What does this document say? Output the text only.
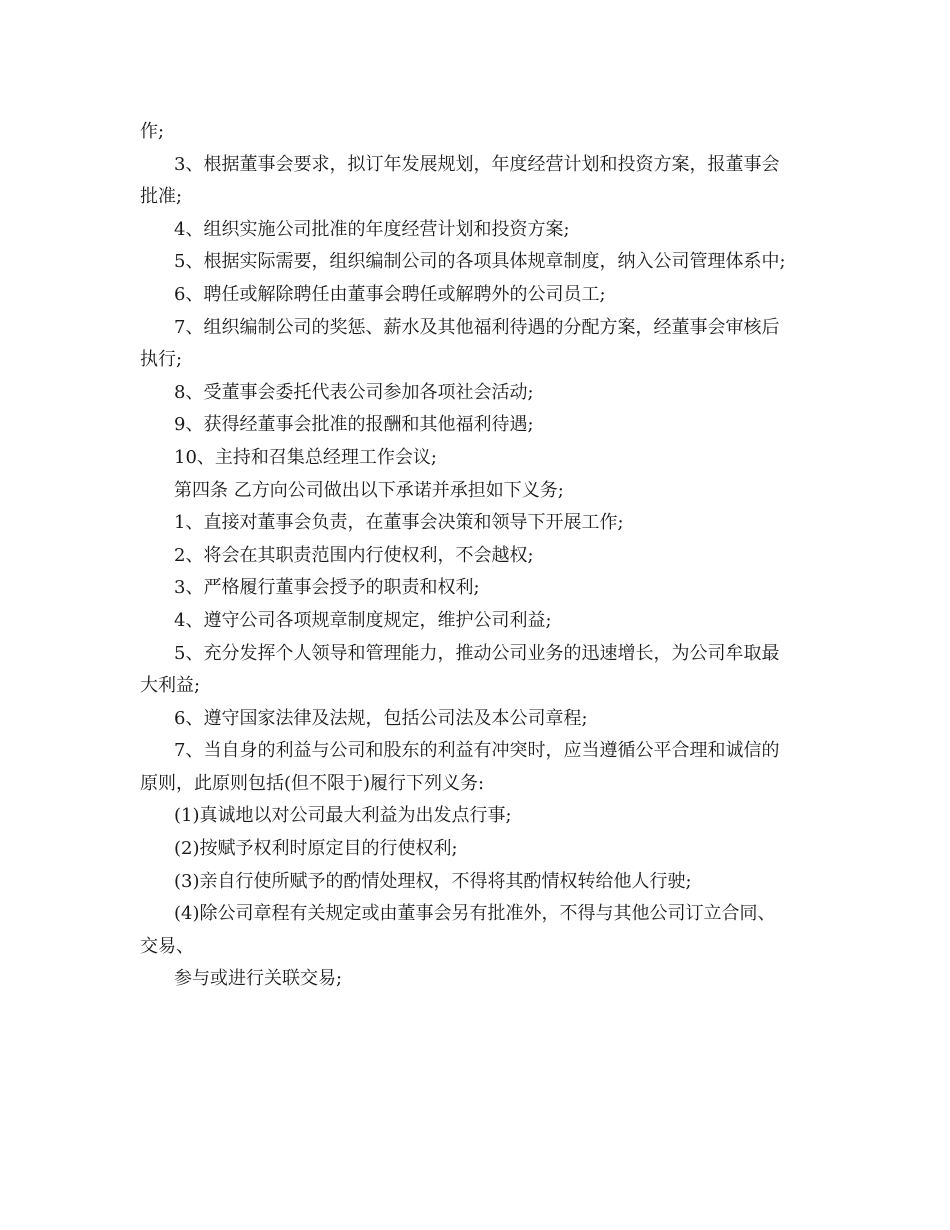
作;
3、根据董事会要求，拟订年发展规划，年度经营计划和投资方案，报董事会
批准;
4、组织实施公司批准的年度经营计划和投资方案;
5、根据实际需要，组织编制公司的各项具体规章制度，纳入公司管理体系中;
6、聘任或解除聘任由董事会聘任或解聘外的公司员工;
7、组织编制公司的奖惩、薪水及其他福利待遇的分配方案，经董事会审核后
执行;
8、受董事会委托代表公司参加各项社会活动;
9、获得经董事会批准的报酬和其他福利待遇;
10、主持和召集总经理工作会议;
第四条 乙方向公司做出以下承诺并承担如下义务;
1、直接对董事会负责，在董事会决策和领导下开展工作;
2、将会在其职责范围内行使权利，不会越权;
3、严格履行董事会授予的职责和权利;
4、遵守公司各项规章制度规定，维护公司利益;
5、充分发挥个人领导和管理能力，推动公司业务的迅速增长，为公司牟取最
大利益;
6、遵守国家法律及法规，包括公司法及本公司章程;
7、当自身的利益与公司和股东的利益有冲突时，应当遵循公平合理和诚信的
原则，此原则包括(但不限于)履行下列义务:
(1)真诚地以对公司最大利益为出发点行事;
(2)按赋予权利时原定目的行使权利;
(3)亲自行使所赋予的酌情处理权，不得将其酌情权转给他人行驶;
(4)除公司章程有关规定或由董事会另有批准外，不得与其他公司订立合同、
交易、
参与或进行关联交易;
